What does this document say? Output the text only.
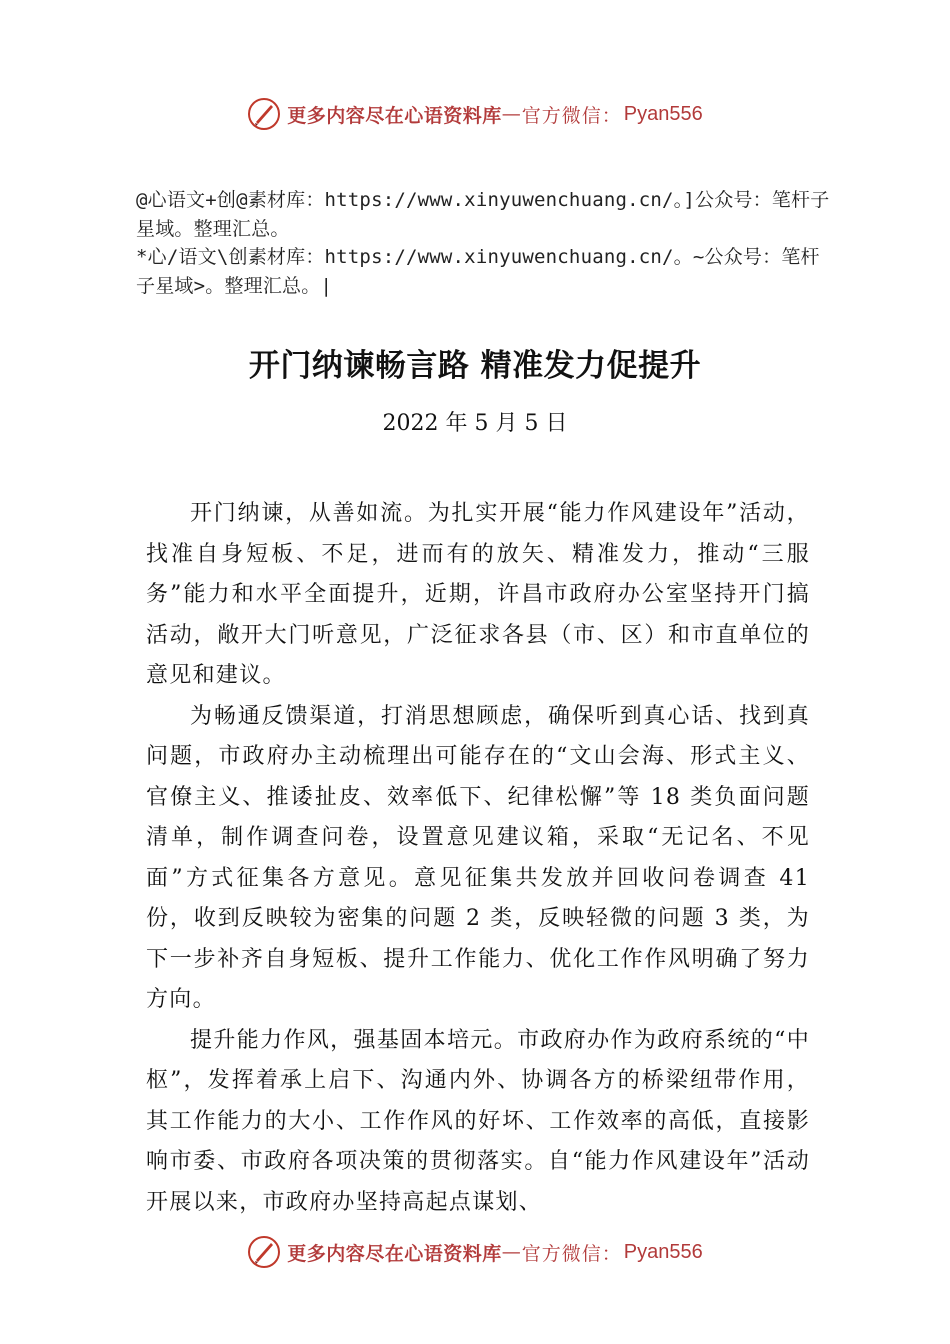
更多内容尽在心语资料库 — 官方微信： Pyan556

@心语文+创@素材库：https://www.xinyuwenchuang.cn/。]公众号：笔杆子星域。整理汇总。

*心/语文\创素材库：https://www.xinyuwenchuang.cn/。~公众号：笔杆子星域>。整理汇总。|

开门纳谏畅言路 精准发力促提升
2022 年 5 月 5 日

开门纳谏，从善如流。为扎实开展“能力作风建设年”活动，找准自身短板、不足，进而有的放矢、精准发力，推动“三服务”能力和水平全面提升，近期，许昌市政府办公室坚持开门搞活动，敞开大门听意见，广泛征求各县（市、区）和市直单位的意见和建议。

为畅通反馈渠道，打消思想顾虑，确保听到真心话、找到真问题，市政府办主动梳理出可能存在的“文山会海、形式主义、官僚主义、推诿扯皮、效率低下、纪律松懈”等 18 类负面问题清单，制作调查问卷，设置意见建议箱，采取“无记名、不见面”方式征集各方意见。意见征集共发放并回收问卷调查 41 份，收到反映较为密集的问题 2 类，反映轻微的问题 3 类，为下一步补齐自身短板、提升工作能力、优化工作作风明确了努力方向。

提升能力作风，强基固本培元。市政府办作为政府系统的“中枢”，发挥着承上启下、沟通内外、协调各方的桥梁纽带作用，其工作能力的大小、工作作风的好坏、工作效率的高低，直接影响市委、市政府各项决策的贯彻落实。自“能力作风建设年”活动开展以来，市政府办坚持高起点谋划、

更多内容尽在心语资料库 — 官方微信： Pyan556
